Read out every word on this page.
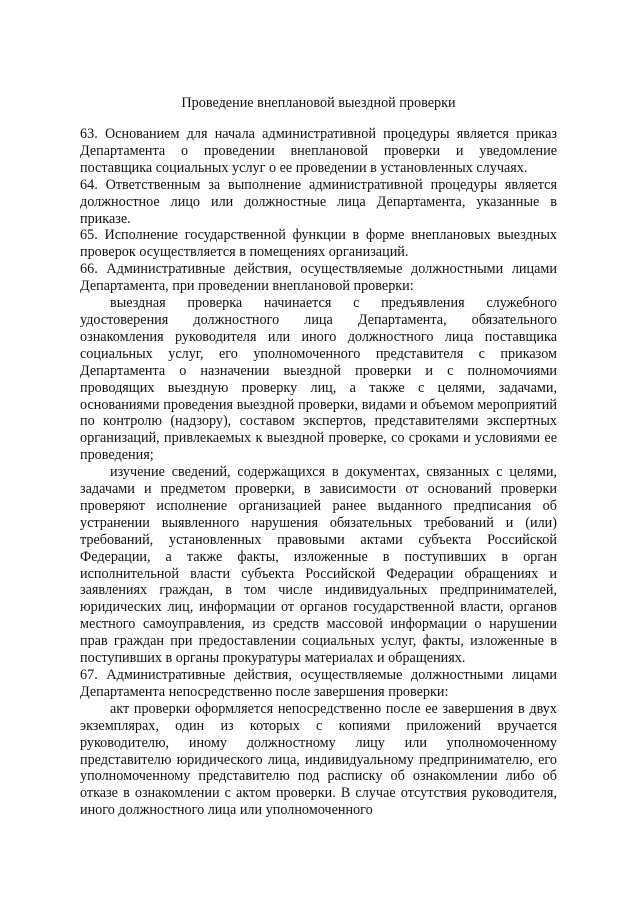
Проведение внеплановой выездной проверки

63. Основанием для начала административной процедуры является приказ Департамента о проведении внеплановой проверки и уведомление поставщика социальных услуг о ее проведении в установленных случаях.

64. Ответственным за выполнение административной процедуры является должностное лицо или должностные лица Департамента, указанные в приказе.

65. Исполнение государственной функции в форме внеплановых выездных проверок осуществляется в помещениях организаций.

66. Административные действия, осуществляемые должностными лицами Департамента, при проведении внеплановой проверки:

выездная проверка начинается с предъявления служебного удостоверения должностного лица Департамента, обязательного ознакомления руководителя или иного должностного лица поставщика социальных услуг, его уполномоченного представителя с приказом Департамента о назначении выездной проверки и с полномочиями проводящих выездную проверку лиц, а также с целями, задачами, основаниями проведения выездной проверки, видами и объемом мероприятий по контролю (надзору), составом экспертов, представителями экспертных организаций, привлекаемых к выездной проверке, со сроками и условиями ее проведения;

изучение сведений, содержащихся в документах, связанных с целями, задачами и предметом проверки, в зависимости от оснований проверки проверяют исполнение организацией ранее выданного предписания об устранении выявленного нарушения обязательных требований и (или) требований, установленных правовыми актами субъекта Российской Федерации, а также факты, изложенные в поступивших в орган исполнительной власти субъекта Российской Федерации обращениях и заявлениях граждан, в том числе индивидуальных предпринимателей, юридических лиц, информации от органов государственной власти, органов местного самоуправления, из средств массовой информации о нарушении прав граждан при предоставлении социальных услуг, факты, изложенные в поступивших в органы прокуратуры материалах и обращениях.

67. Административные действия, осуществляемые должностными лицами Департамента непосредственно после завершения проверки:

акт проверки оформляется непосредственно после ее завершения в двух экземплярах, один из которых с копиями приложений вручается руководителю, иному должностному лицу или уполномоченному представителю юридического лица, индивидуальному предпринимателю, его уполномоченному представителю под расписку об ознакомлении либо об отказе в ознакомлении с актом проверки. В случае отсутствия руководителя, иного должностного лица или уполномоченного
